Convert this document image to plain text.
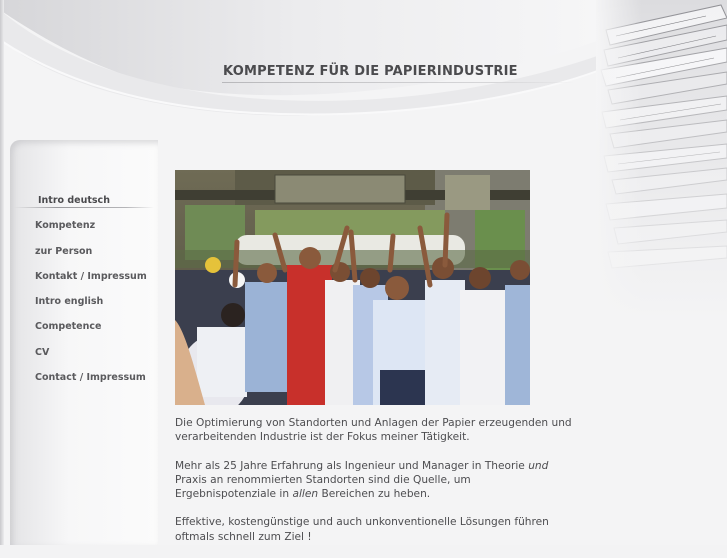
KOMPETENZ FÜR DIE PAPIERINDUSTRIE
Intro deutsch
Kompetenz
zur Person
Kontakt / Impressum
Intro english
Competence
CV
Contact / Impressum

Die Optimierung von Standorten und Anlagen der Papier erzeugenden und verarbeitenden Industrie ist der Fokus meiner Tätigkeit.

Mehr als 25 Jahre Erfahrung als Ingenieur und Manager in Theorie und Praxis an renommierten Standorten sind die Quelle, um Ergebnispotenziale in allen Bereichen zu heben.

Effektive, kostengünstige und auch unkonventionelle Lösungen führen oftmals schnell zum Ziel !
